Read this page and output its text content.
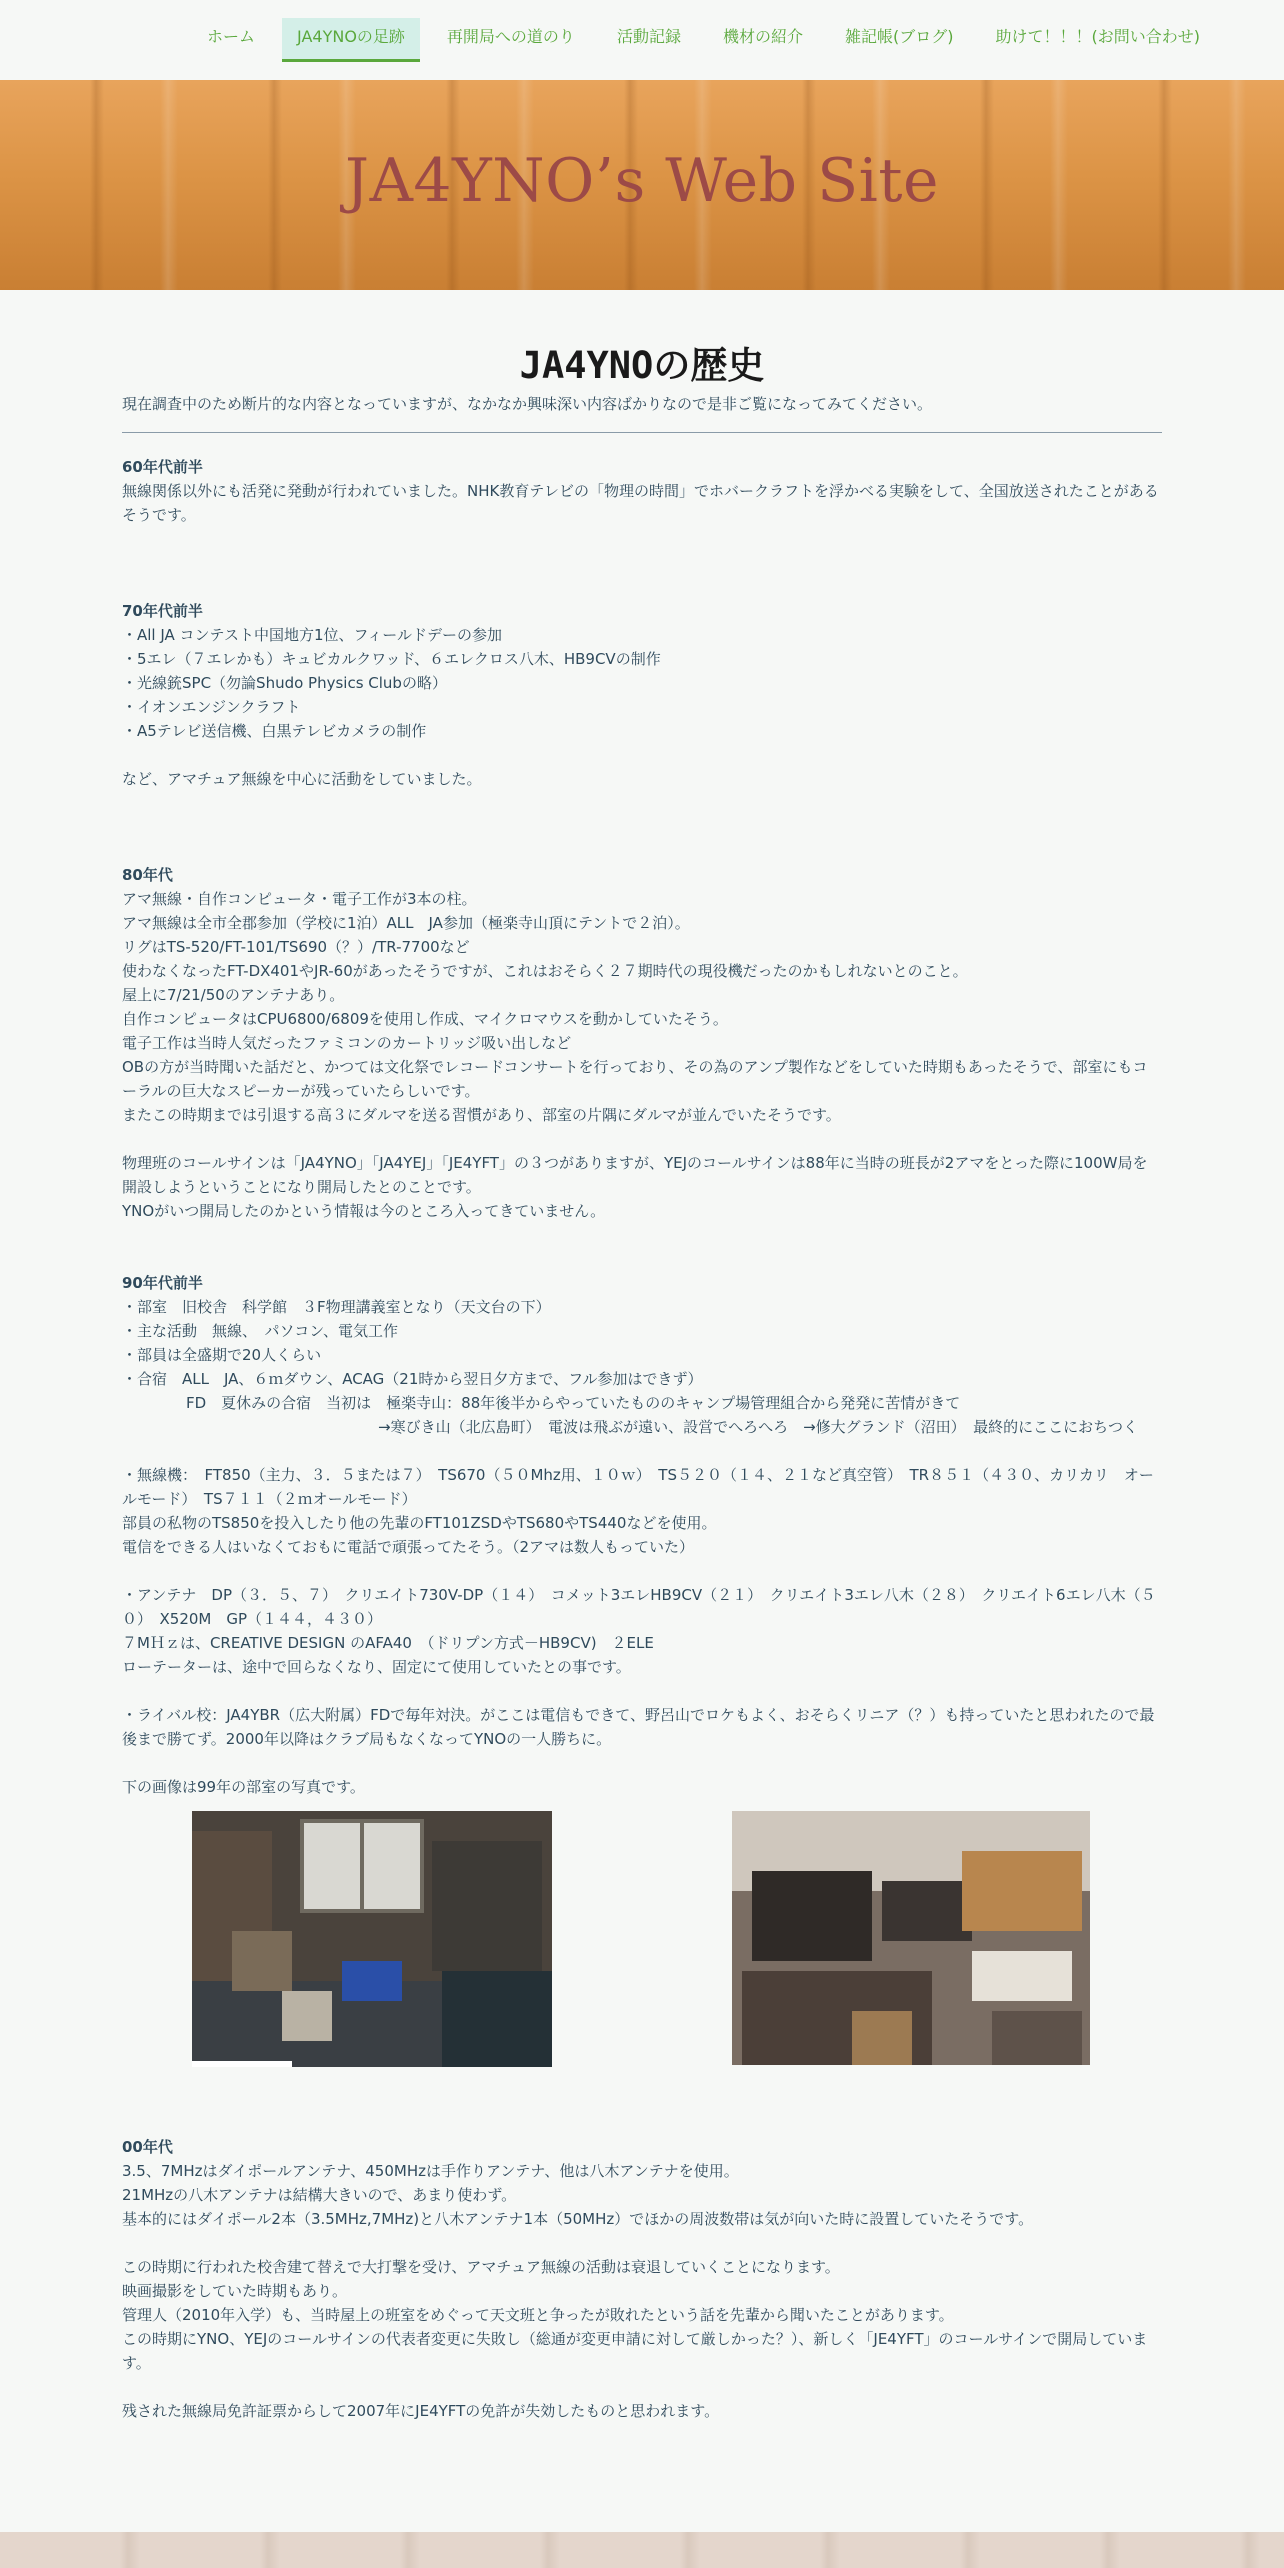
ホーム	JA4YNOの足跡	再開局への道のり	活動記録	機材の紹介	雑記帳(ブログ)	助けて！！！(お問い合わせ)
JA4YNO’s Web Site
JA4YNOの歴史

現在調査中のため断片的な内容となっていますが、なかなか興味深い内容ばかりなので是非ご覧になってみてください。

60年代前半

無線関係以外にも活発に発動が行われていました。NHK教育テレビの「物理の時間」でホバークラフトを浮かべる実験をして、全国放送されたことがあるそうです。

70年代前半

・All JA コンテスト中国地方1位、フィールドデーの参加

・5エレ（７エレかも）キュビカルクワッド、６エレクロス八木、HB9CVの制作

・光線銃SPC（勿論Shudo Physics Clubの略）

・イオンエンジンクラフト

・A5テレビ送信機、白黒テレビカメラの制作

など、アマチュア無線を中心に活動をしていました。

80年代

アマ無線・自作コンピュータ・電子工作が3本の柱。

アマ無線は全市全郡参加（学校に1泊）ALL　JA参加（極楽寺山頂にテントで２泊）。

リグはTS-520/FT-101/TS690（？）/TR-7700など

使わなくなったFT-DX401やJR-60があったそうですが、これはおそらく２７期時代の現役機だったのかもしれないとのこと。

屋上に7/21/50のアンテナあり。

自作コンピュータはCPU6800/6809を使用し作成、マイクロマウスを動かしていたそう。

電子工作は当時人気だったファミコンのカートリッジ吸い出しなど

OBの方が当時聞いた話だと、かつては文化祭でレコードコンサートを行っており、その為のアンプ製作などをしていた時期もあったそうで、部室にもコーラルの巨大なスピーカーが残っていたらしいです。

またこの時期までは引退する高３にダルマを送る習慣があり、部室の片隅にダルマが並んでいたそうです。

物理班のコールサインは「JA4YNO」「JA4YEJ」「JE4YFT」の３つがありますが、YEJのコールサインは88年に当時の班長が2アマをとった際に100W局を開設しようということになり開局したとのことです。

YNOがいつ開局したのかという情報は今のところ入ってきていません。

90年代前半

・部室　旧校舎　科学館　３F物理講義室となり（天文台の下）

・主な活動　無線、　パソコン、電気工作

・部員は全盛期で20人くらい

・合宿　ALL　JA、６ｍダウン、ACAG（21時から翌日夕方まで、フル参加はできず）

FD　夏休みの合宿　当初は　極楽寺山：88年後半からやっていたもののキャンプ場管理組合から発発に苦情がきて

→寒びき山（北広島町）　電波は飛ぶが遠い、設営でへろへろ　→修大グランド（沼田）　最終的にここにおちつく

・無線機：　FT850（主力、３．５または７）　TS670（５０Mhz用、１０ｗ）　TS５２０（１４、２１など真空管）　TR８５１（４３０、カリカリ　オールモード）　TS７１１（２ｍオールモード）

部員の私物のTS850を投入したり他の先輩のFT101ZSDやTS680やTS440などを使用。

電信をできる人はいなくておもに電話で頑張ってたそう。（2アマは数人もっていた）

・アンテナ　DP（３．５、７）　クリエイト730V-DP（１４）　コメット3エレHB9CV（２１）　クリエイト3エレ八木（２８）　クリエイト6エレ八木（５０）　X520M　GP（１４４，４３０）

７MＨｚは、CREATIVE DESIGN のAFA40　（ドリプン方式－HB9CV)　２ELE

ローテーターは、途中で回らなくなり、固定にて使用していたとの事です。

・ライバル校：JA4YBR（広大附属）FDで毎年対決。がここは電信もできて、野呂山でロケもよく、おそらくリニア（？）も持っていたと思われたので最後まで勝てず。2000年以降はクラブ局もなくなってYNOの一人勝ちに。

下の画像は99年の部室の写真です。

00年代

3.5、7MHzはダイポールアンテナ、450MHzは手作りアンテナ、他は八木アンテナを使用。

21MHzの八木アンテナは結構大きいので、あまり使わず。

基本的にはダイポール2本（3.5MHz,7MHz)と八木アンテナ1本（50MHz）でほかの周波数帯は気が向いた時に設置していたそうです。

この時期に行われた校舎建て替えで大打撃を受け、アマチュア無線の活動は衰退していくことになります。

映画撮影をしていた時期もあり。

管理人（2010年入学）も、当時屋上の班室をめぐって天文班と争ったが敗れたという話を先輩から聞いたことがあります。

この時期にYNO、YEJのコールサインの代表者変更に失敗し（総通が変更申請に対して厳しかった？）、新しく「JE4YFT」のコールサインで開局しています。

残された無線局免許証票からして2007年にJE4YFTの免許が失効したものと思われます。
